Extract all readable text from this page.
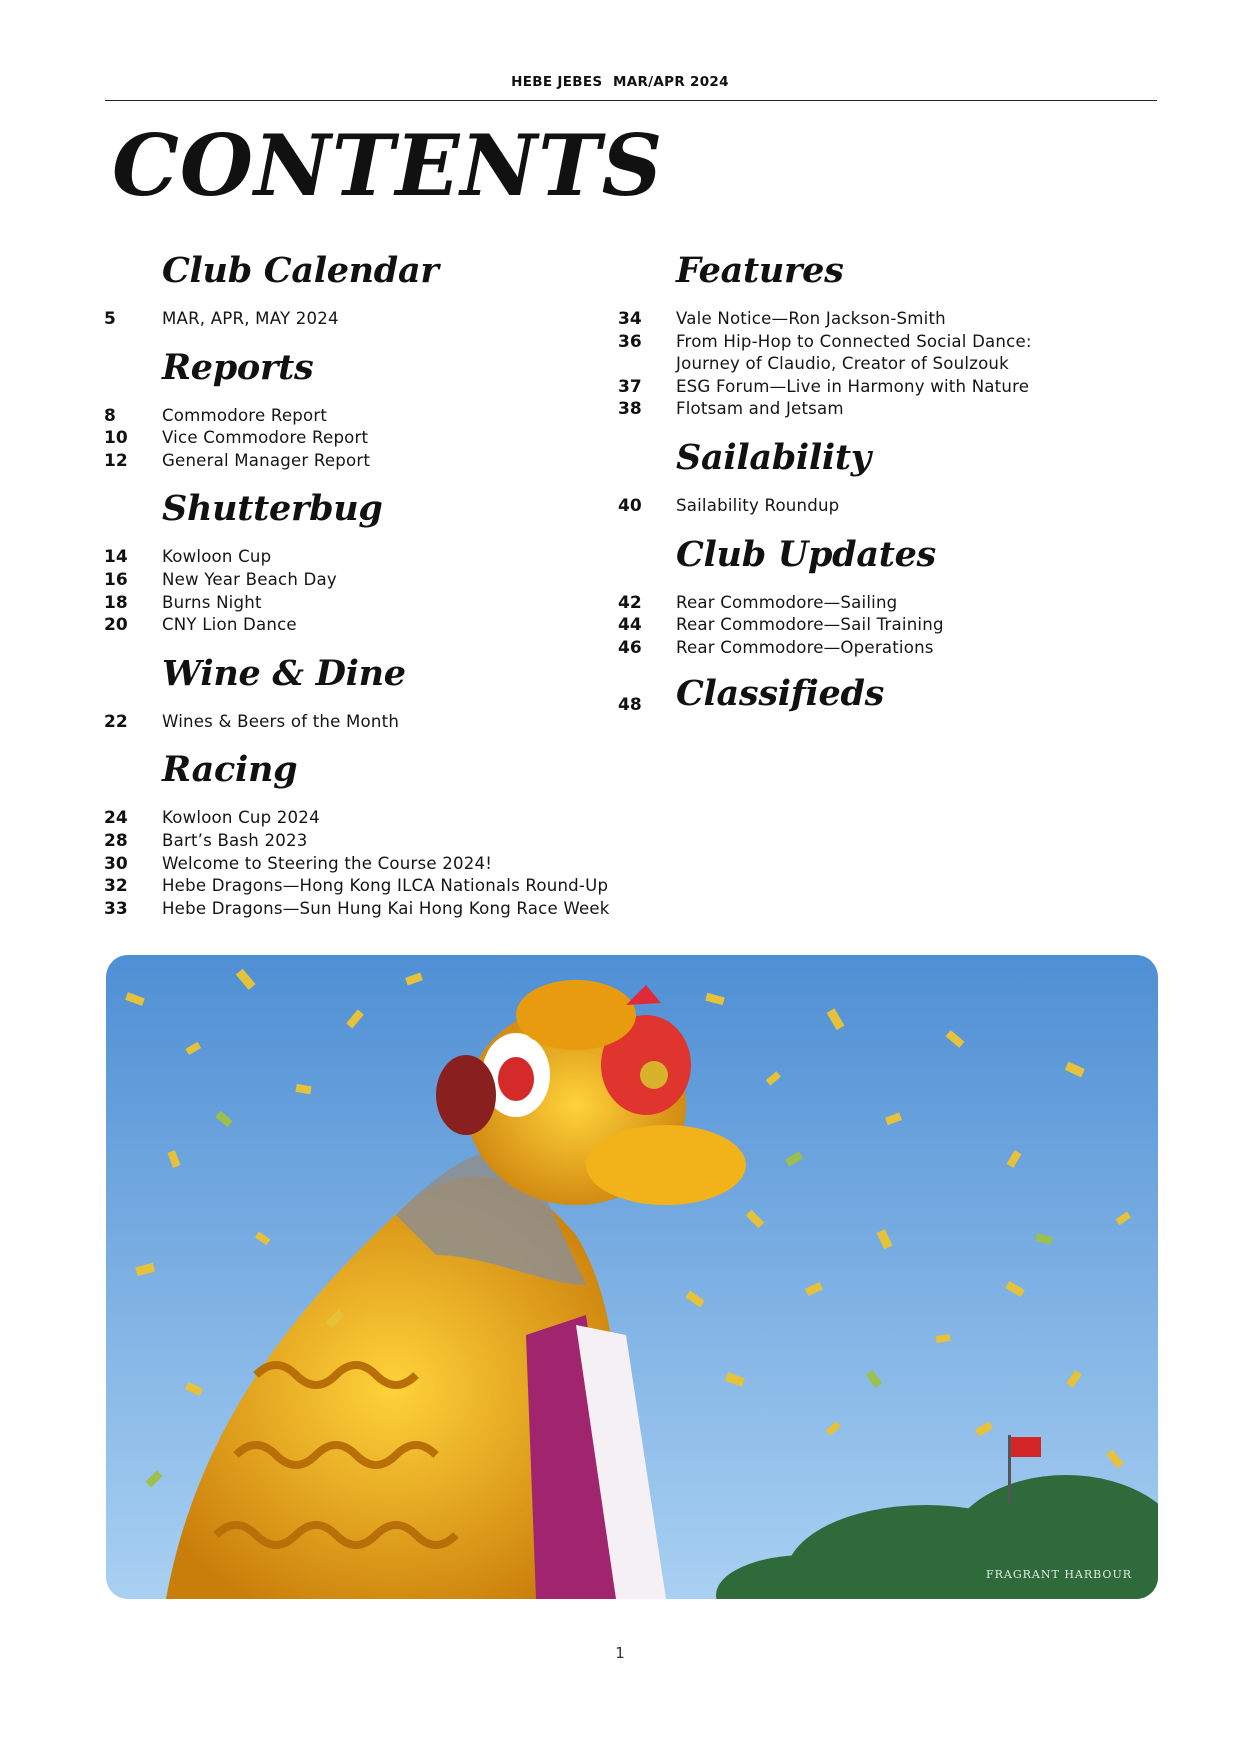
HEBE JEBES MAR/APR 2024
CONTENTS
Club Calendar
5	MAR, APR, MAY 2024
Reports
8	Commodore Report
10	Vice Commodore Report
12	General Manager Report
Shutterbug
14	Kowloon Cup
16	New Year Beach Day
18	Burns Night
20	CNY Lion Dance
Wine & Dine
22	Wines & Beers of the Month
Racing
24	Kowloon Cup 2024
28	Bart’s Bash 2023
30	Welcome to Steering the Course 2024!
32	Hebe Dragons—Hong Kong ILCA Nationals Round-Up
33	Hebe Dragons—Sun Hung Kai Hong Kong Race Week
Features
34	Vale Notice—Ron Jackson-Smith
36	From Hip-Hop to Connected Social Dance:
Journey of Claudio, Creator of Soulzouk
37	ESG Forum—Live in Harmony with Nature
38	Flotsam and Jetsam
Sailability
40	Sailability Roundup
Club Updates
42	Rear Commodore—Sailing
44	Rear Commodore—Sail Training
46	Rear Commodore—Operations
48 Classifieds
FRAGRANT HARBOUR
1
